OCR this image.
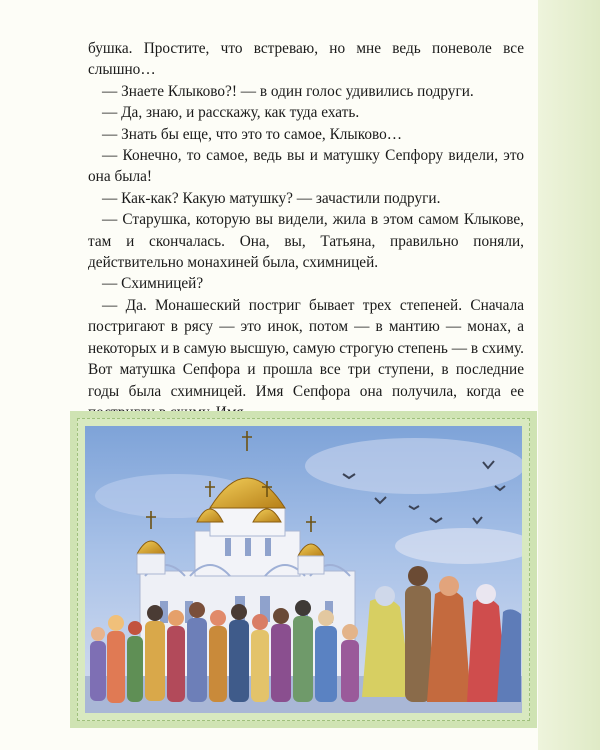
бушка. Простите, что встреваю, но мне ведь поневоле все слышно…

— Знаете Клыково?! — в один голос удивились подруги.

— Да, знаю, и расскажу, как туда ехать.

— Знать бы еще, что это то самое, Клыково…

— Конечно, то самое, ведь вы и матушку Сепфору видели, это она была!

— Как-как? Какую матушку? — зачастили подруги.

— Старушка, которую вы видели, жила в этом самом Клыкове, там и скончалась. Она, вы, Татьяна, правильно поняли, действительно монахиней была, схимницей.

— Схимницей?

— Да. Монашеский постриг бывает трех степеней. Сначала постригают в рясу — это инок, потом — в мантию — монах, а некоторых и в самую высшую, самую строгую степень — в схиму. Вот матушка Сепфора и прошла все три ступени, в последние годы была схимницей. Имя Сепфора она получила, когда ее
